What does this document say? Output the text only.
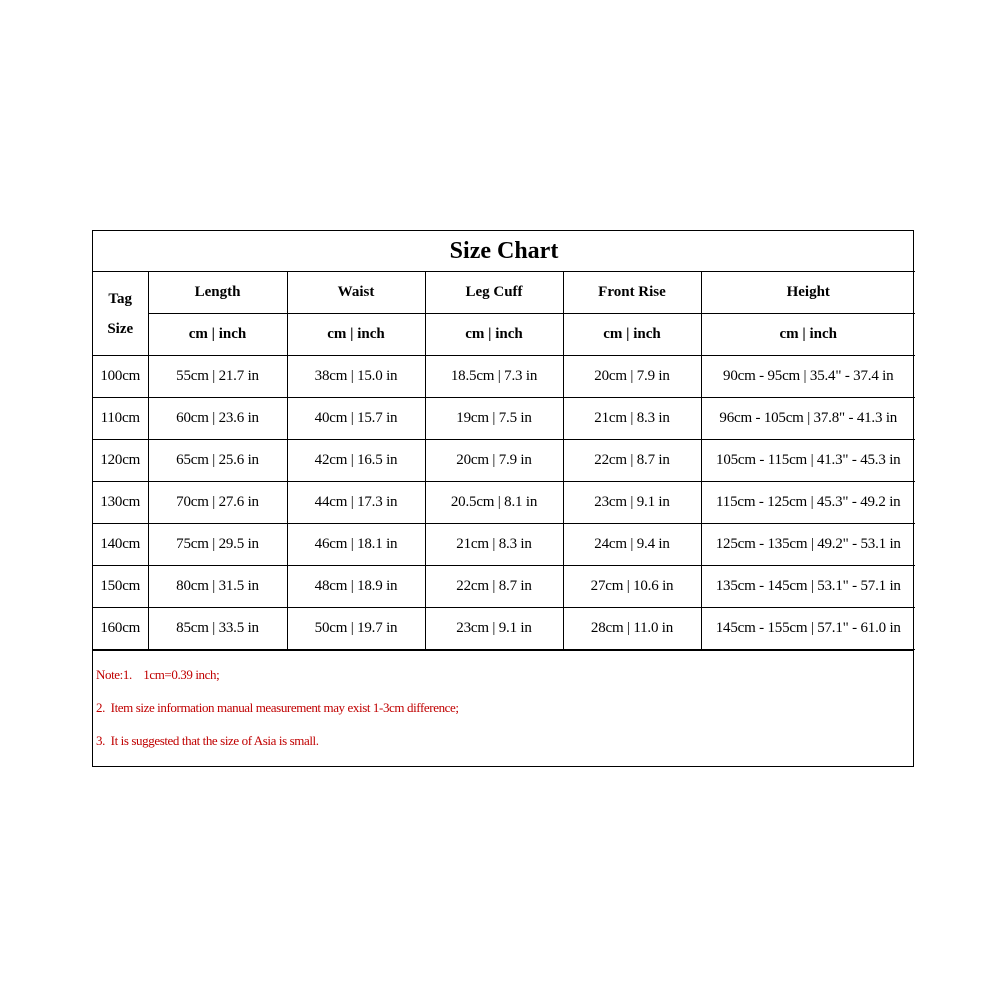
Size Chart					
Tag
Size	Length	Waist	Leg Cuff	Front Rise	Height
	cm | inch	cm | inch	cm | inch	cm | inch	cm | inch
100cm	55cm | 21.7 in	38cm | 15.0 in	18.5cm | 7.3 in	20cm | 7.9 in	90cm - 95cm | 35.4" - 37.4 in
110cm	60cm | 23.6 in	40cm | 15.7 in	19cm | 7.5 in	21cm | 8.3 in	96cm - 105cm | 37.8" - 41.3 in
120cm	65cm | 25.6 in	42cm | 16.5 in	20cm | 7.9 in	22cm | 8.7 in	105cm - 115cm | 41.3" - 45.3 in
130cm	70cm | 27.6 in	44cm | 17.3 in	20.5cm | 8.1 in	23cm | 9.1 in	115cm - 125cm | 45.3" - 49.2 in
140cm	75cm | 29.5 in	46cm | 18.1 in	21cm | 8.3 in	24cm | 9.4 in	125cm - 135cm | 49.2" - 53.1 in
150cm	80cm | 31.5 in	48cm | 18.9 in	22cm | 8.7 in	27cm | 10.6 in	135cm - 145cm | 53.1" - 57.1 in
160cm	85cm | 33.5 in	50cm | 19.7 in	23cm | 9.1 in	28cm | 11.0 in	145cm - 155cm | 57.1" - 61.0 in
Note:1.    1cm=0.39 inch;
2.  Item size information manual measurement may exist 1-3cm difference;
3.  It is suggested that the size of Asia is small.
